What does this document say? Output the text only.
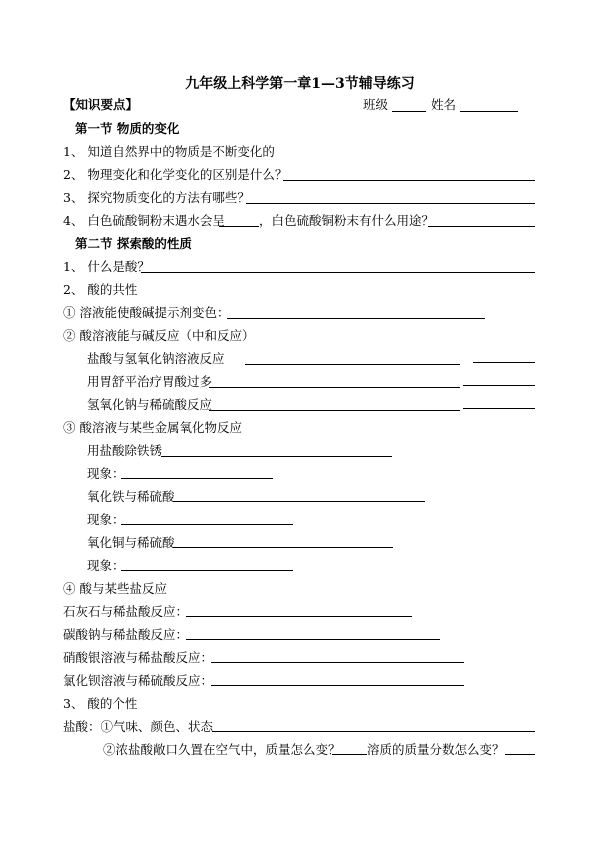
九年级上科学第一章1—3节辅导练习
【知识要点】	班级	姓名
第一节 物质的变化
1、 知道自然界中的物质是不断变化的
2、 物理变化和化学变化的区别是什么？
3、 探究物质变化的方法有哪些？
4、 白色硫酸铜粉末遇水会呈	，白色硫酸铜粉末有什么用途？
第二节 探索酸的性质
1、 什么是酸？
2、 酸的共性
① 溶液能使酸碱提示剂变色：
② 酸溶液能与碱反应（中和反应）
盐酸与氢氧化钠溶液反应
用胃舒平治疗胃酸过多
氢氧化钠与稀硫酸反应
③ 酸溶液与某些金属氧化物反应
用盐酸除铁锈
现象：
氧化铁与稀硫酸
现象：
氧化铜与稀硫酸
现象：
④ 酸与某些盐反应
石灰石与稀盐酸反应：
碳酸钠与稀盐酸反应：
硝酸银溶液与稀盐酸反应：
氯化钡溶液与稀硫酸反应：
3、 酸的个性
盐酸：①气味、颜色、状态
②浓盐酸敞口久置在空气中，质量怎么变？ 溶质的质量分数怎么变？
